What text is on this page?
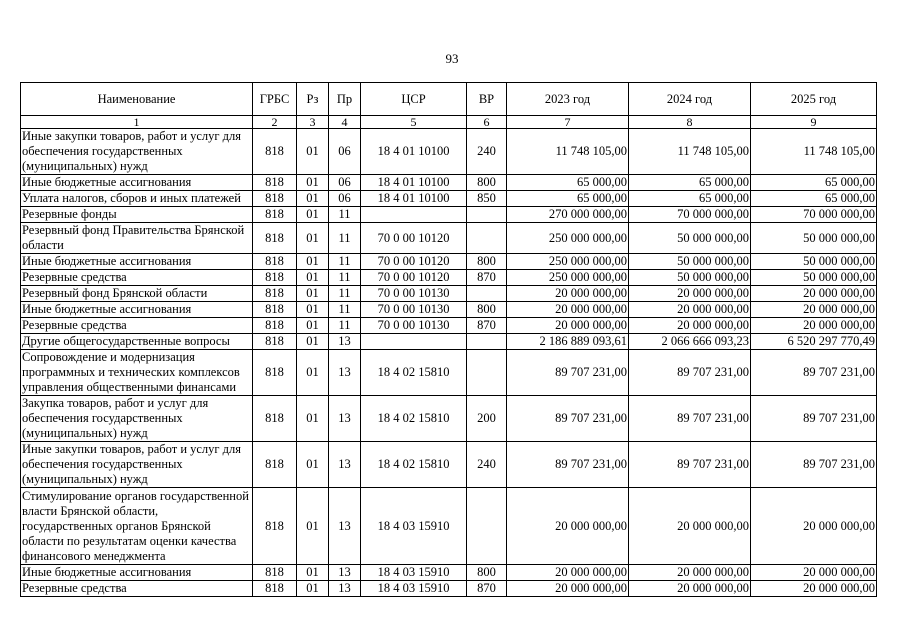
93
Наименование	ГРБС	Рз	Пр	ЦСР	ВР	2023 год	2024 год	2025 год
1	2	3	4	5	6	7	8	9
Иные закупки товаров, работ и услуг для обеспечения государственных (муниципальных) нужд	818	01	06	18 4 01 10100	240	11 748 105,00	11 748 105,00	11 748 105,00
Иные бюджетные ассигнования	818	01	06	18 4 01 10100	800	65 000,00	65 000,00	65 000,00
Уплата налогов, сборов и иных платежей	818	01	06	18 4 01 10100	850	65 000,00	65 000,00	65 000,00
Резервные фонды	818	01	11			270 000 000,00	70 000 000,00	70 000 000,00
Резервный фонд Правительства Брянской области	818	01	11	70 0 00 10120		250 000 000,00	50 000 000,00	50 000 000,00
Иные бюджетные ассигнования	818	01	11	70 0 00 10120	800	250 000 000,00	50 000 000,00	50 000 000,00
Резервные средства	818	01	11	70 0 00 10120	870	250 000 000,00	50 000 000,00	50 000 000,00
Резервный фонд Брянской области	818	01	11	70 0 00 10130		20 000 000,00	20 000 000,00	20 000 000,00
Иные бюджетные ассигнования	818	01	11	70 0 00 10130	800	20 000 000,00	20 000 000,00	20 000 000,00
Резервные средства	818	01	11	70 0 00 10130	870	20 000 000,00	20 000 000,00	20 000 000,00
Другие общегосударственные вопросы	818	01	13			2 186 889 093,61	2 066 666 093,23	6 520 297 770,49
Сопровождение и модернизация программных и технических комплексов управления общественными финансами	818	01	13	18 4 02 15810		89 707 231,00	89 707 231,00	89 707 231,00
Закупка товаров, работ и услуг для обеспечения государственных (муниципальных) нужд	818	01	13	18 4 02 15810	200	89 707 231,00	89 707 231,00	89 707 231,00
Иные закупки товаров, работ и услуг для обеспечения государственных (муниципальных) нужд	818	01	13	18 4 02 15810	240	89 707 231,00	89 707 231,00	89 707 231,00
Стимулирование органов государственной власти Брянской области, государственных органов Брянской области по результатам оценки качества финансового менеджмента	818	01	13	18 4 03 15910		20 000 000,00	20 000 000,00	20 000 000,00
Иные бюджетные ассигнования	818	01	13	18 4 03 15910	800	20 000 000,00	20 000 000,00	20 000 000,00
Резервные средства	818	01	13	18 4 03 15910	870	20 000 000,00	20 000 000,00	20 000 000,00
